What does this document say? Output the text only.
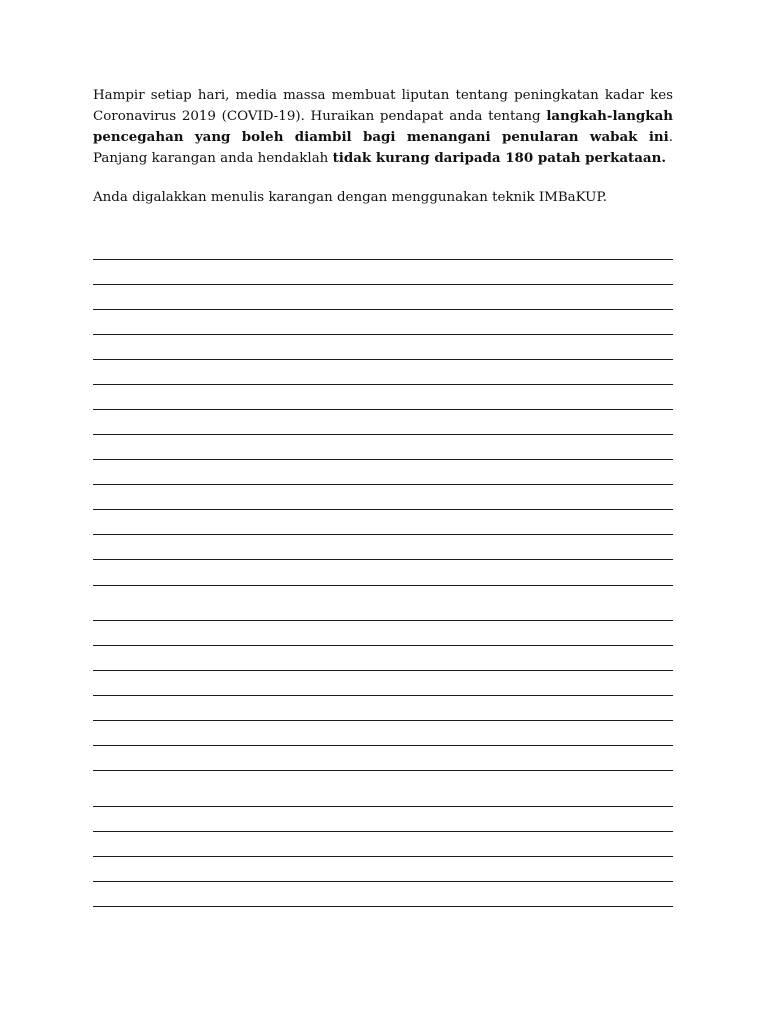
Hampir setiap hari, media massa membuat liputan tentang peningkatan kadar kes Coronavirus 2019 (COVID-19). Huraikan pendapat anda tentang langkah-langkah pencegahan yang boleh diambil bagi menangani penularan wabak ini. Panjang karangan anda hendaklah tidak kurang daripada 180 patah perkataan.

Anda digalakkan menulis karangan dengan menggunakan teknik IMBaKUP.
